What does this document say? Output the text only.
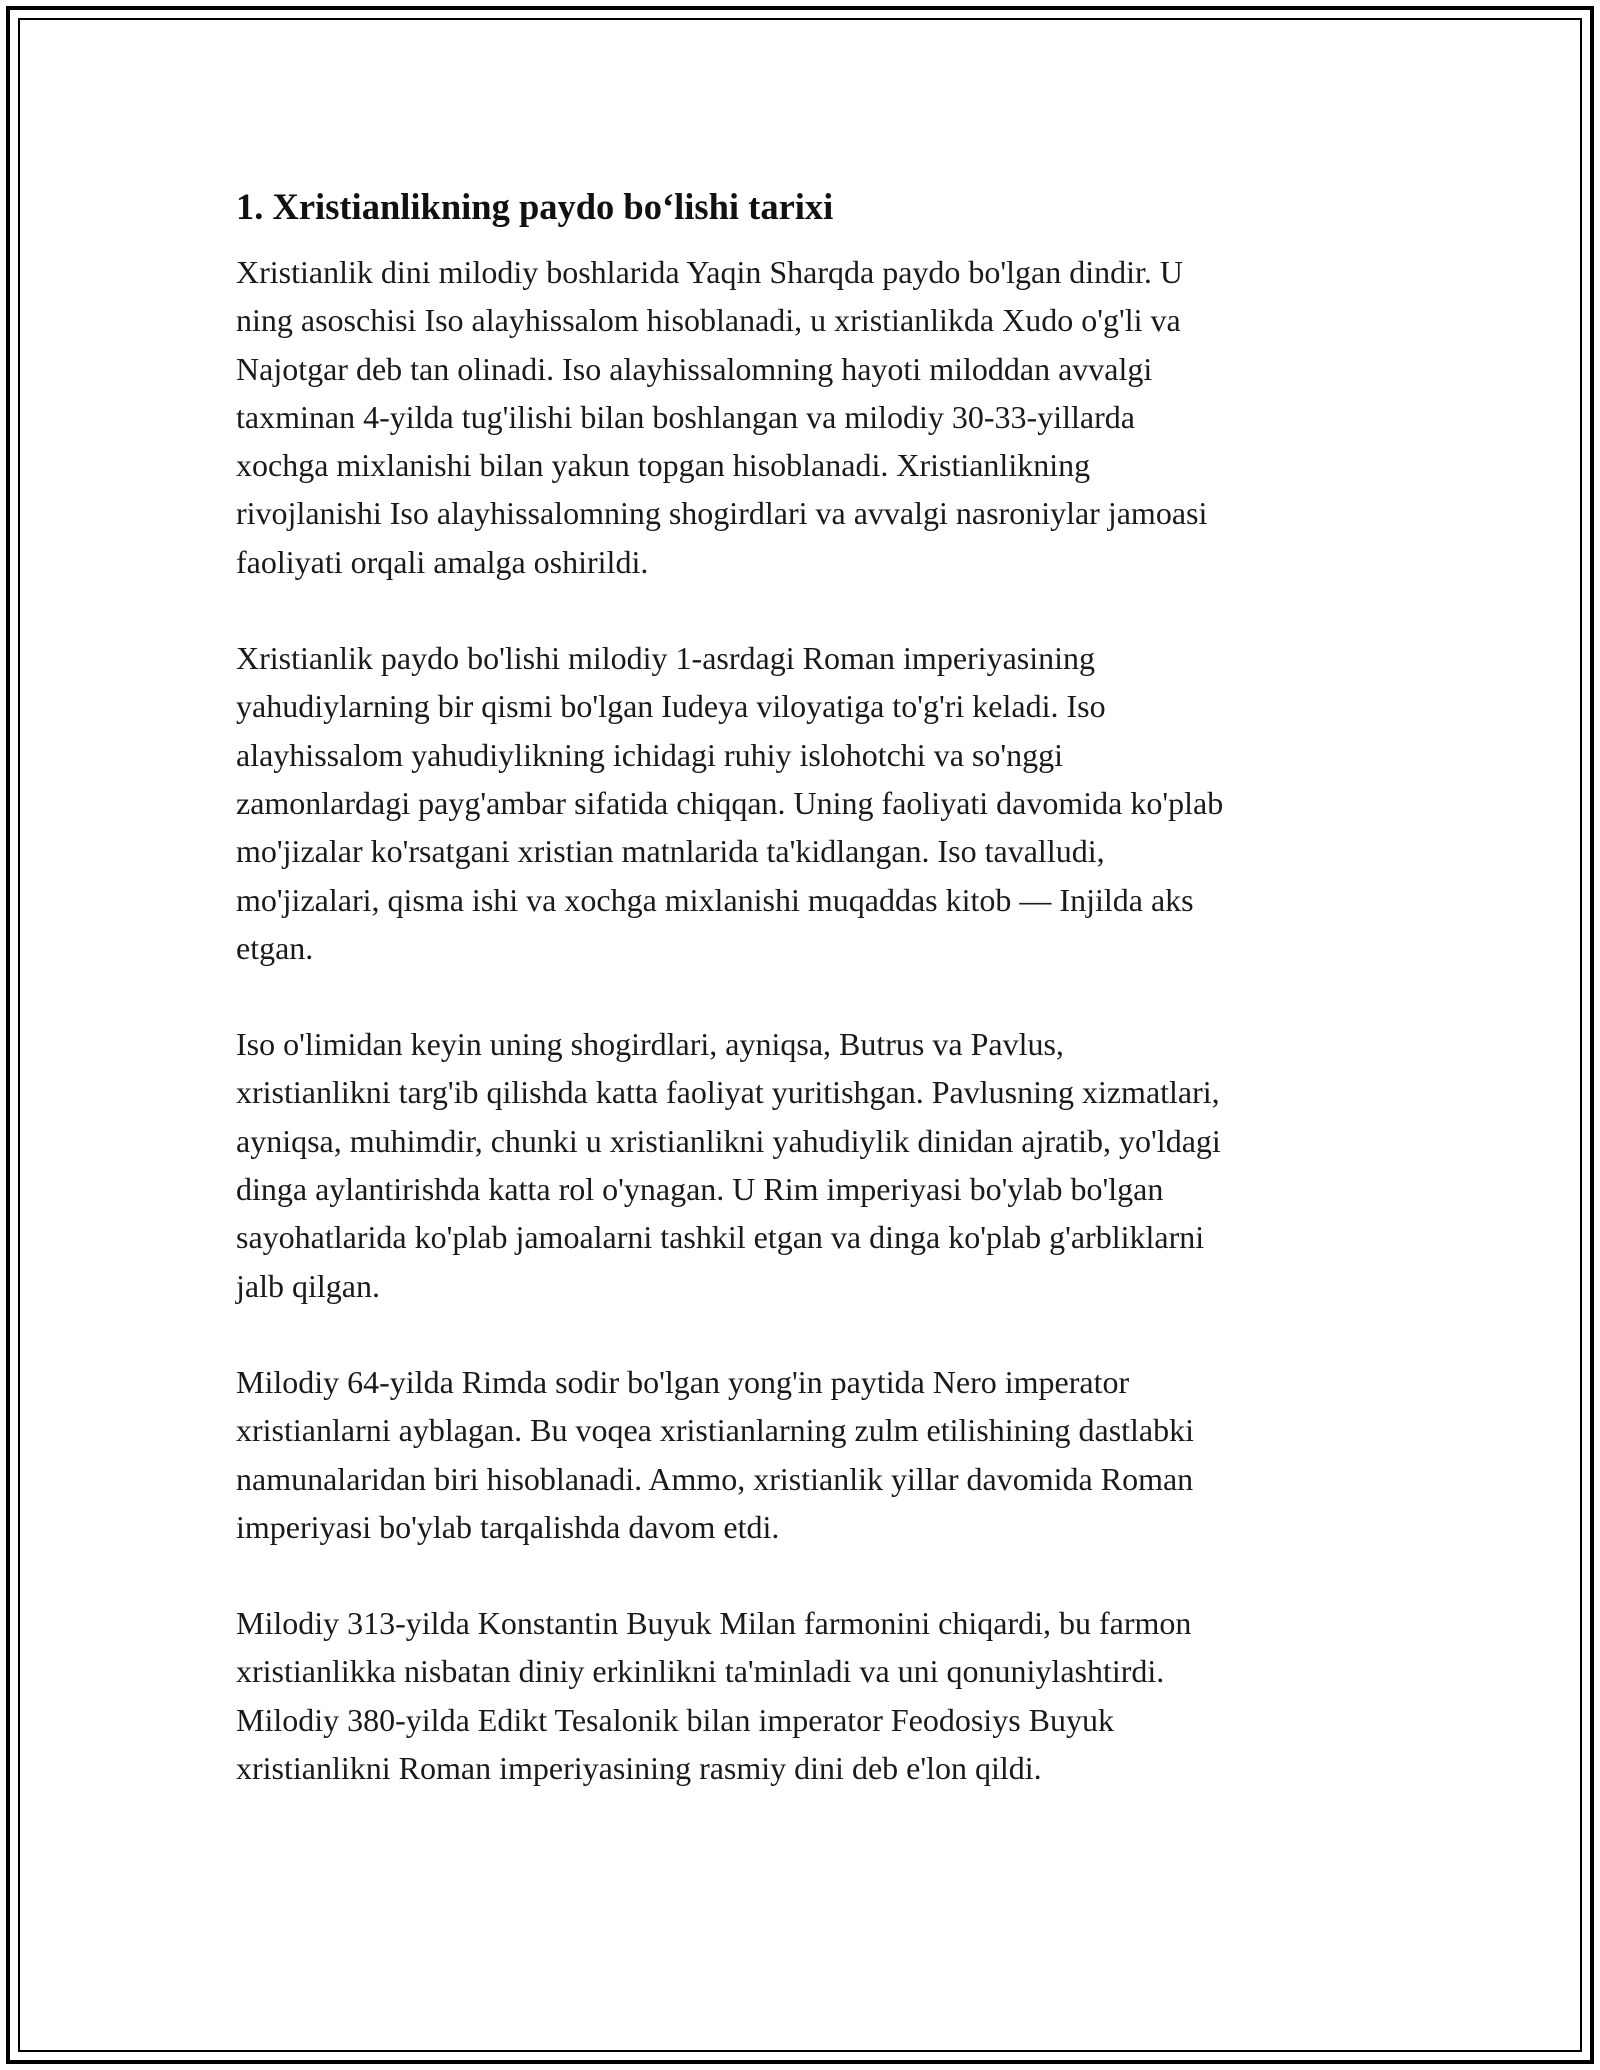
1. Xristianlikning paydo bo‘lishi tarixi
Xristianlik dini milodiy boshlarida Yaqin Sharqda paydo bo'lgan dindir. U
ning asoschisi Iso alayhissalom hisoblanadi, u xristianlikda Xudo o'g'li va
Najotgar deb tan olinadi. Iso alayhissalomning hayoti miloddan avvalgi
taxminan 4-yilda tug'ilishi bilan boshlangan va milodiy 30-33-yillarda
xochga mixlanishi bilan yakun topgan hisoblanadi. Xristianlikning
rivojlanishi Iso alayhissalomning shogirdlari va avvalgi nasroniylar jamoasi
faoliyati orqali amalga oshirildi.
Xristianlik paydo bo'lishi milodiy 1-asrdagi Roman imperiyasining
yahudiylarning bir qismi bo'lgan Iudeya viloyatiga to'g'ri keladi. Iso
alayhissalom yahudiylikning ichidagi ruhiy islohotchi va so'nggi
zamonlardagi payg'ambar sifatida chiqqan. Uning faoliyati davomida ko'plab
mo'jizalar ko'rsatgani xristian matnlarida ta'kidlangan. Iso tavalludi,
mo'jizalari, qisma ishi va xochga mixlanishi muqaddas kitob — Injilda aks
etgan.
Iso o'limidan keyin uning shogirdlari, ayniqsa, Butrus va Pavlus,
xristianlikni targ'ib qilishda katta faoliyat yuritishgan. Pavlusning xizmatlari,
ayniqsa, muhimdir, chunki u xristianlikni yahudiylik dinidan ajratib, yo'ldagi
dinga aylantirishda katta rol o'ynagan. U Rim imperiyasi bo'ylab bo'lgan
sayohatlarida ko'plab jamoalarni tashkil etgan va dinga ko'plab g'arbliklarni
jalb qilgan.
Milodiy 64-yilda Rimda sodir bo'lgan yong'in paytida Nero imperator
xristianlarni ayblagan. Bu voqea xristianlarning zulm etilishining dastlabki
namunalaridan biri hisoblanadi. Ammo, xristianlik yillar davomida Roman
imperiyasi bo'ylab tarqalishda davom etdi.
Milodiy 313-yilda Konstantin Buyuk Milan farmonini chiqardi, bu farmon
xristianlikka nisbatan diniy erkinlikni ta'minladi va uni qonuniylashtirdi.
Milodiy 380-yilda Edikt Tesalonik bilan imperator Feodosiys Buyuk
xristianlikni Roman imperiyasining rasmiy dini deb e'lon qildi.
